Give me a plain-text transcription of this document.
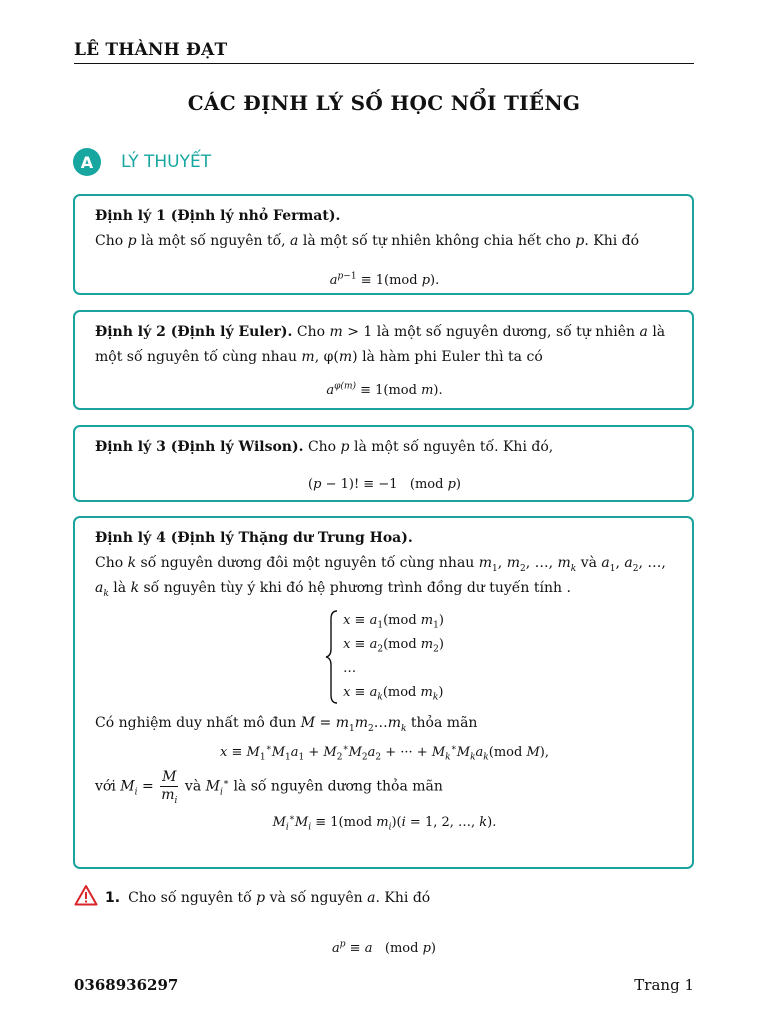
LÊ THÀNH ĐẠT
CÁC ĐỊNH LÝ SỐ HỌC NỔI TIẾNG
A	LÝ THUYẾT
Định lý 1 (Định lý nhỏ Fermat).
Cho p là một số nguyên tố, a là một số tự nhiên không chia hết cho p. Khi đó
$a^{p-1} \equiv 1(mod$ p).
Định lý 2 (Định lý Euler). Cho m > 1 là một số nguyên dương, số tự nhiên a là một số nguyên tố cùng nhau m, φ(m) là hàm phi Euler thì ta có
$a^{\varphi(m)} \equiv 1(mod$ m).
Định lý 3 (Định lý Wilson). Cho p là một số nguyên tố. Khi đó,
(p − 1)! ≡ −1   (mod p)
Định lý 4 (Định lý Thặng dư Trung Hoa).
Cho k số nguyên dương đôi một nguyên tố cùng nhau $m_1$, $m_2$, …, $m_k$ và $a_1$, $a_2$, …, $a_k$ là k số nguyên tùy ý khi đó hệ phương trình đồng dư tuyến tính .
$x \equiv a_1(mod$ $m_1$)
$x \equiv a_2(mod$ $m_2$)
…
$x \equiv a_k(mod$ $m_k$)
Có nghiệm duy nhất mô đun $M = m_1m_2\dots m_k$ thỏa mãn
$x \equiv M_1^∗M_1a_1 + M_2^∗M_2a_2$ + ··· + $M_k^∗M_ka_k(mod$ M),
với $M_i = \frac{M}{m_i}$ và $M_i^∗$ là số nguyên dương thỏa mãn
$M_i^∗M_i \equiv 1(mod$ $m_i)(i = 1$, 2, …, k).
1. Cho số nguyên tố p và số nguyên a. Khi đó
$a^p \equiv a$   (mod p)
0368936297	Trang 1
